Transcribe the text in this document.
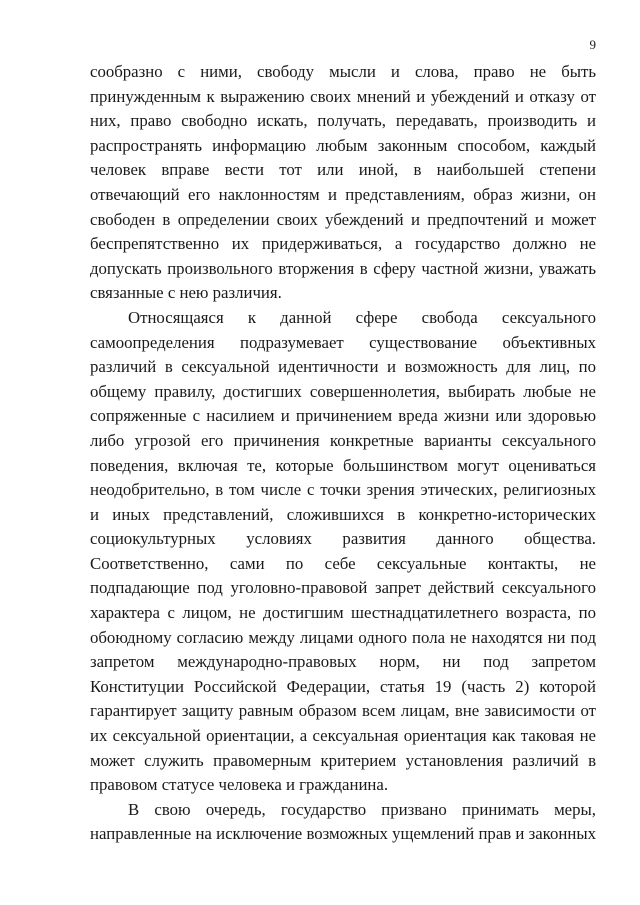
9

сообразно с ними, свободу мысли и слова, право не быть принужденным к выражению своих мнений и убеждений и отказу от них, право свободно искать, получать, передавать, производить и распространять информацию любым законным способом, каждый человек вправе вести тот или иной, в наибольшей степени отвечающий его наклонностям и представлениям, образ жизни, он свободен в определении своих убеждений и предпочтений и может беспрепятственно их придерживаться, а государство должно не допускать произвольного вторжения в сферу частной жизни, уважать связанные с нею различия.

Относящаяся к данной сфере свобода сексуального самоопределения подразумевает существование объективных различий в сексуальной идентичности и возможность для лиц, по общему правилу, достигших совершеннолетия, выбирать любые не сопряженные с насилием и причинением вреда жизни или здоровью либо угрозой его причинения конкретные варианты сексуального поведения, включая те, которые большинством могут оцениваться неодобрительно, в том числе с точки зрения этических, религиозных и иных представлений, сложившихся в конкретно-исторических социокультурных условиях развития данного общества. Соответственно, сами по себе сексуальные контакты, не подпадающие под уголовно-правовой запрет действий сексуального характера с лицом, не достигшим шестнадцатилетнего возраста, по обоюдному согласию между лицами одного пола не находятся ни под запретом международно-правовых норм, ни под запретом Конституции Российской Федерации, статья 19 (часть 2) которой гарантирует защиту равным образом всем лицам, вне зависимости от их сексуальной ориентации, а сексуальная ориентация как таковая не может служить правомерным критерием установления различий в правовом статусе человека и гражданина.

В свою очередь, государство призвано принимать меры, направленные на исключение возможных ущемлений прав и законных
